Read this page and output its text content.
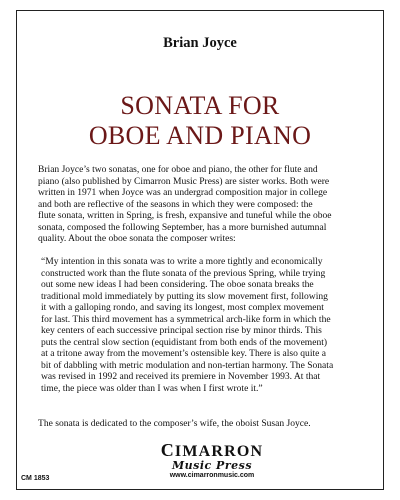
Brian Joyce
SONATA FOR
OBOE AND PIANO
Brian Joyce’s two sonatas, one for oboe and piano, the other for flute and
piano (also published by Cimarron Music Press) are sister works. Both were
written in 1971 when Joyce was an undergrad composition major in college
and both are reflective of the seasons in which they were composed: the
flute sonata, written in Spring, is fresh, expansive and tuneful while the oboe
sonata, composed the following September, has a more burnished autumnal
quality. About the oboe sonata the composer writes:
“My intention in this sonata was to write a more tightly and economically
constructed work than the flute sonata of the previous Spring, while trying
out some new ideas I had been considering. The oboe sonata breaks the
traditional mold immediately by putting its slow movement first, following
it with a galloping rondo, and saving its longest, most complex movement
for last. This third movement has a symmetrical arch-like form in which the
key centers of each successive principal section rise by minor thirds. This
puts the central slow section (equidistant from both ends of the movement)
at a tritone away from the movement’s ostensible key. There is also quite a
bit of dabbling with metric modulation and non-tertian harmony. The Sonata
was revised in 1992 and received its premiere in November 1993. At that
time, the piece was older than I was when I first wrote it.”
The sonata is dedicated to the composer’s wife, the oboist Susan Joyce.
CIMARRON
Music Press
www.cimarronmusic.com
CM 1853
